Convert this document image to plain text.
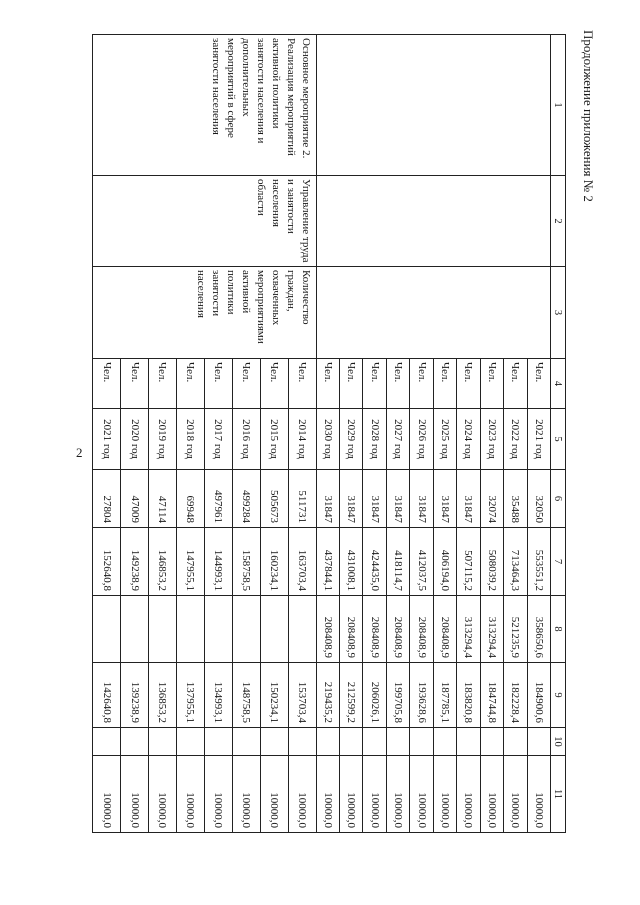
2
Продолжение приложения № 2
1	2	3	4	5	6	7	8	9	10	11
			Чел.	2021 год	32050	553551,2	358650,6	184900,6		10000,0
			Чел.	2022 год	35488	713464,3	521235,9	182228,4		10000,0
			Чел.	2023 год	32074	508039,2	313294,4	184744,8		10000,0
			Чел.	2024 год	31847	507115,2	313294,4	183820,8		10000,0
			Чел.	2025 год	31847	406194,0	208408,9	187785,1		10000,0
			Чел.	2026 год	31847	412037,5	208408,9	193628,6		10000,0
			Чел.	2027 год	31847	418114,7	208408,9	199705,8		10000,0
			Чел.	2028 год	31847	424435,0	208408,9	206026,1		10000,0
			Чел.	2029 год	31847	431008,1	208408,9	212599,2		10000,0
			Чел.	2030 год	31847	437844,1	208408,9	219435,2		10000,0
Основное мероприятие 2. Реализация мероприятий активной политики занятости населения и дополнительных мероприятий в сфере занятости населения	Управление труда и занятости населения области	Количество граждан, охваченных мероприятиями активной политики занятости населения	Чел.	2014 год	511731	163703,4		153703,4		10000,0
			Чел.	2015 год	505673	160234,1		150234,1		10000,0
			Чел.	2016 год	499284	158758,5		148758,5		10000,0
			Чел.	2017 год	497961	144993,1		134993,1		10000,0
			Чел.	2018 год	69948	147955,1		137955,1		10000,0
			Чел.	2019 год	47114	146853,2		136853,2		10000,0
			Чел.	2020 год	47009	149238,9		139238,9		10000,0
			Чел.	2021 год	27804	152640,8		142640,8		10000,0
